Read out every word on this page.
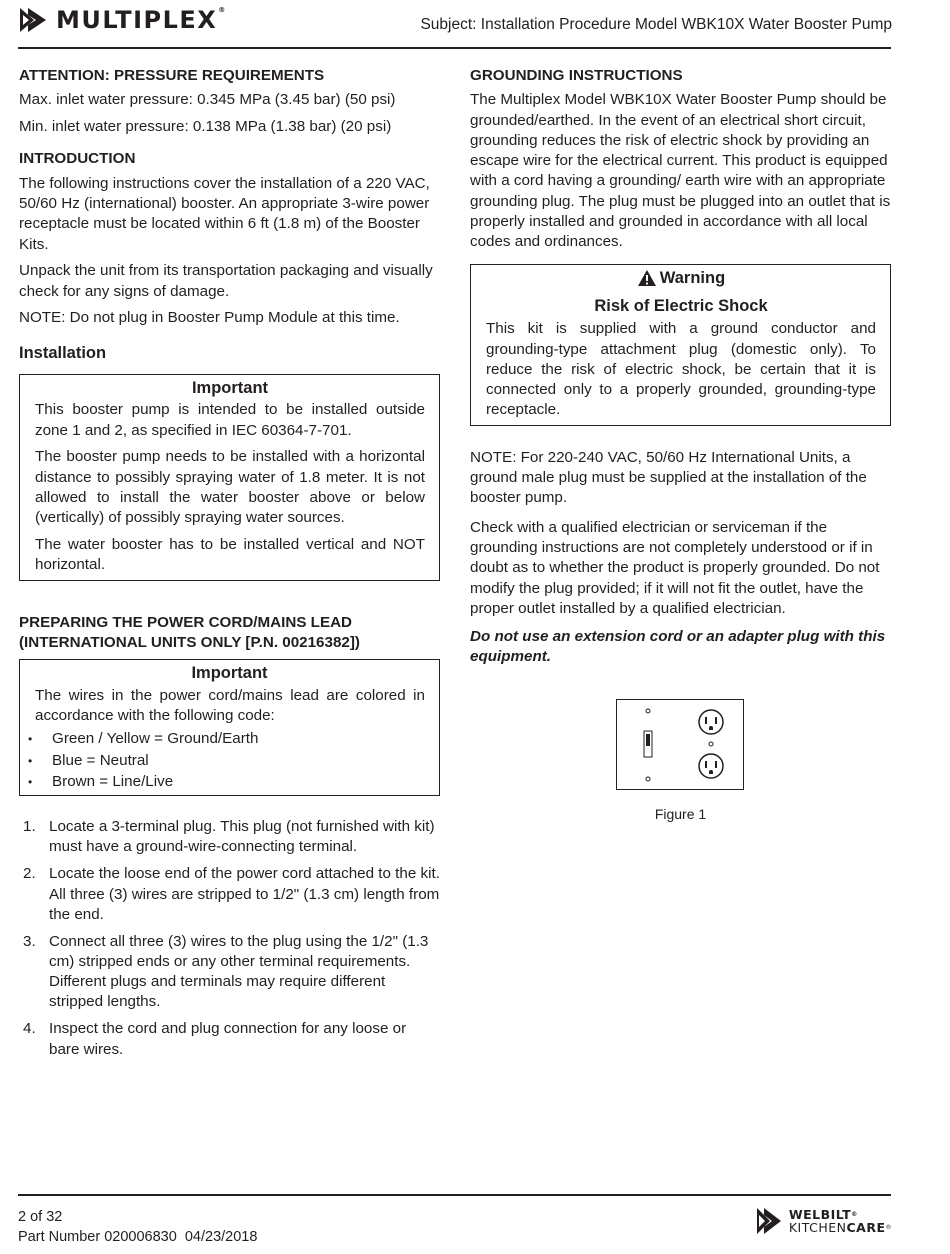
MULTIPLEX®
Subject: Installation Procedure Model WBK10X Water Booster Pump
ATTENTION: PRESSURE REQUIREMENTS

Max. inlet water pressure: 0.345 MPa (3.45 bar) (50 psi)

Min. inlet water pressure: 0.138 MPa (1.38 bar) (20 psi)

INTRODUCTION

The following instructions cover the installation of a 220 VAC, 50/60 Hz (international) booster. An appropriate 3-wire power receptacle must be located within 6 ft (1.8 m) of the Booster Kits.

Unpack the unit from its transportation packaging and visually check for any signs of damage.

NOTE: Do not plug in Booster Pump Module at this time.

Installation
Important

This booster pump is intended to be installed outside zone 1 and 2, as specified in IEC 60364-7-701.

The booster pump needs to be installed with a horizontal distance to possibly spraying water of 1.8 meter. It is not allowed to install the water booster above or below (vertically) of possibly spraying water sources.

The water booster has to be installed vertical and NOT horizontal.

PREPARING THE POWER CORD/MAINS LEAD
(INTERNATIONAL UNITS ONLY [P.N. 00216382])
Important

The wires in the power cord/mains lead are colored in accordance with the following code:

• Green / Yellow = Ground/Earth
• Blue = Neutral
• Brown = Line/Live
1. Locate a 3-terminal plug. This plug (not furnished with kit) must have a ground-wire-connecting terminal.
2. Locate the loose end of the power cord attached to the kit. All three (3) wires are stripped to 1/2" (1.3 cm) length from the end.
3. Connect all three (3) wires to the plug using the 1/2" (1.3 cm) stripped ends or any other terminal requirements. Different plugs and terminals may require different stripped lengths.
4. Inspect the cord and plug connection for any loose or bare wires.
GROUNDING INSTRUCTIONS

The Multiplex Model WBK10X Water Booster Pump should be grounded/earthed. In the event of an electrical short circuit, grounding reduces the risk of electric shock by providing an escape wire for the electrical current. This product is equipped with a cord having a grounding/ earth wire with an appropriate grounding plug. The plug must be plugged into an outlet that is properly installed and grounded in accordance with all local codes and ordinances.

Warning
Risk of Electric Shock

This kit is supplied with a ground conductor and grounding-type attachment plug (domestic only). To reduce the risk of electric shock, be certain that it is connected only to a properly grounded, grounding-type receptacle.

NOTE: For 220-240 VAC, 50/60 Hz International Units, a ground male plug must be supplied at the installation of the booster pump.

Check with a qualified electrician or serviceman if the grounding instructions are not completely understood or if in doubt as to whether the product is properly grounded. Do not modify the plug provided; if it will not fit the outlet, have the proper outlet installed by a qualified electrician.

Do not use an extension cord or an adapter plug with this equipment.

Figure 1
2 of 32
Part Number 020006830  04/23/2018
WELBILT®
KITCHENCARE®
